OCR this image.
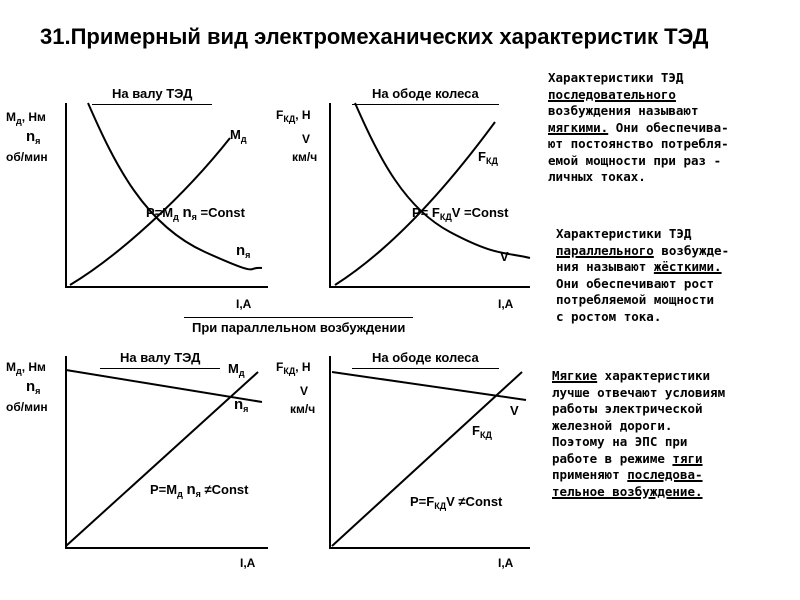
31.Примерный вид электромеханических характеристик ТЭД
На валу ТЭД
$М_д$, Нм
$n_я$
об/мин
$М_д$
$n_я$
$P=М_д$ $n_я$ =Const
I,A
На ободе колеса
$F_{КД}$, Н
V
км/ч	$F_{КД}$
V
$P= F_{КД}V$ =Const
I,A
При параллельном возбуждении
На валу ТЭД
$М_д$, Нм
$n_я$
об/мин
$М_д$
$n_я$
$P=М_д$ $n_я$ ≠Const
I,A
На ободе колеса
$F_{КД}$, Н
V
км/ч	V
$F_{КД}$
$P=F_{КД}V$ ≠Const
I,A
Характеристики ТЭД
последовательного
возбуждения называют
мягкими. Они обеспечива-
ют постоянство потребля-
емой мощности при раз -
личных токах.
Характеристики ТЭД
параллельного возбужде-
ния называют жёсткими.
Они обеспечивают рост
потребляемой мощности
с ростом тока.
Мягкие характеристики
лучше отвечают условиям
работы электрической
железной дороги.
Поэтому на ЭПС при
работе в режиме тяги
применяют последова-
тельное возбуждение.
